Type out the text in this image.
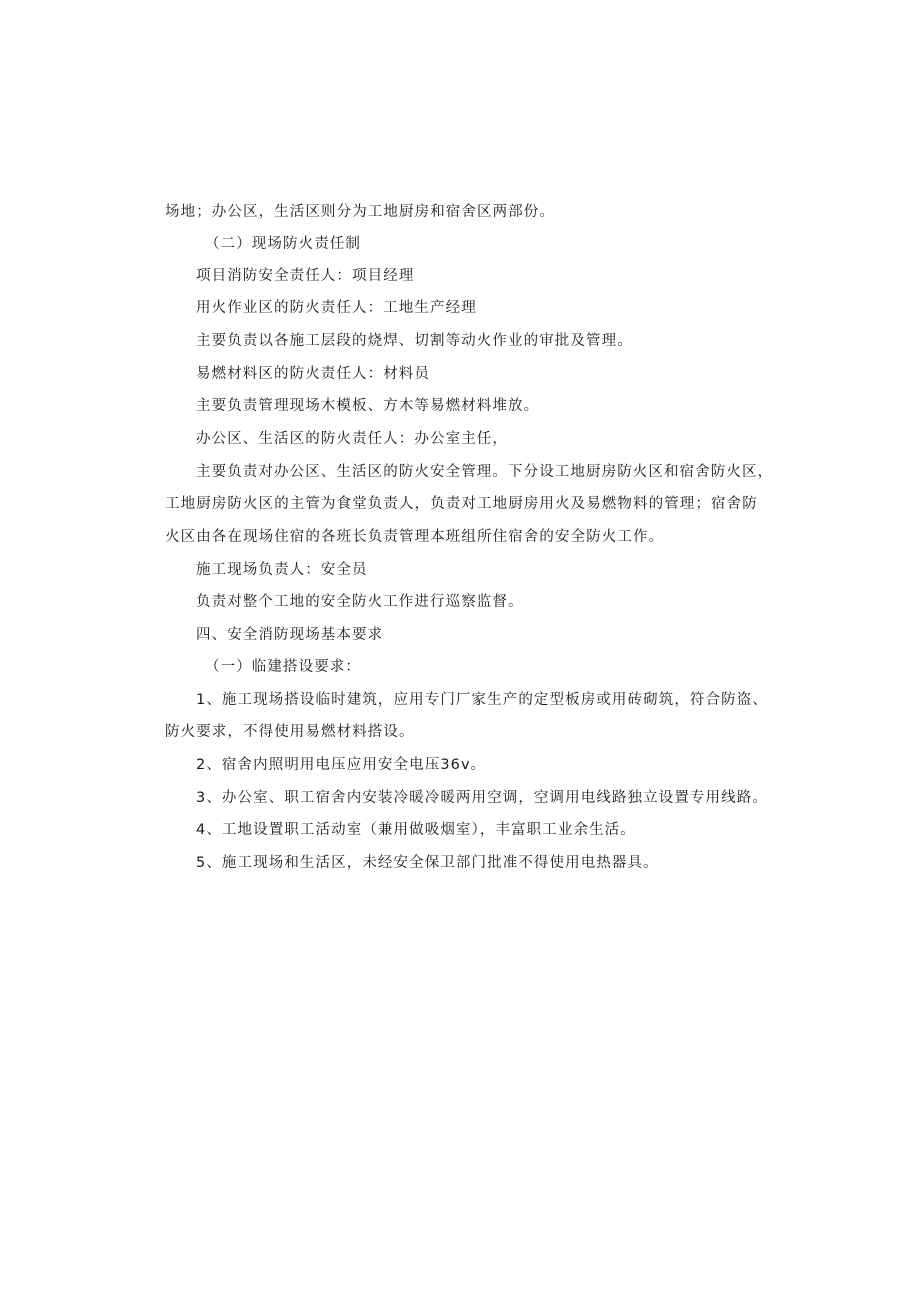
场地；办公区，生活区则分为工地厨房和宿舍区两部份。
（二）现场防火责任制
项目消防安全责任人：项目经理
用火作业区的防火责任人：工地生产经理
主要负责以各施工层段的烧焊、切割等动火作业的审批及管理。
易燃材料区的防火责任人：材料员
主要负责管理现场木模板、方木等易燃材料堆放。
办公区、生活区的防火责任人：办公室主任，
主要负责对办公区、生活区的防火安全管理。下分设工地厨房防火区和宿舍防火区，
工地厨房防火区的主管为食堂负责人，负责对工地厨房用火及易燃物料的管理；宿舍防
火区由各在现场住宿的各班长负责管理本班组所住宿舍的安全防火工作。
施工现场负责人：安全员
负责对整个工地的安全防火工作进行巡察监督。
四、安全消防现场基本要求
（一）临建搭设要求：
1、施工现场搭设临时建筑，应用专门厂家生产的定型板房或用砖砌筑，符合防盗、
防火要求，不得使用易燃材料搭设。
2、宿舍内照明用电压应用安全电压36v。
3、办公室、职工宿舍内安装冷暖冷暖两用空调，空调用电线路独立设置专用线路。
4、工地设置职工活动室（兼用做吸烟室），丰富职工业余生活。
5、施工现场和生活区，未经安全保卫部门批准不得使用电热器具。
